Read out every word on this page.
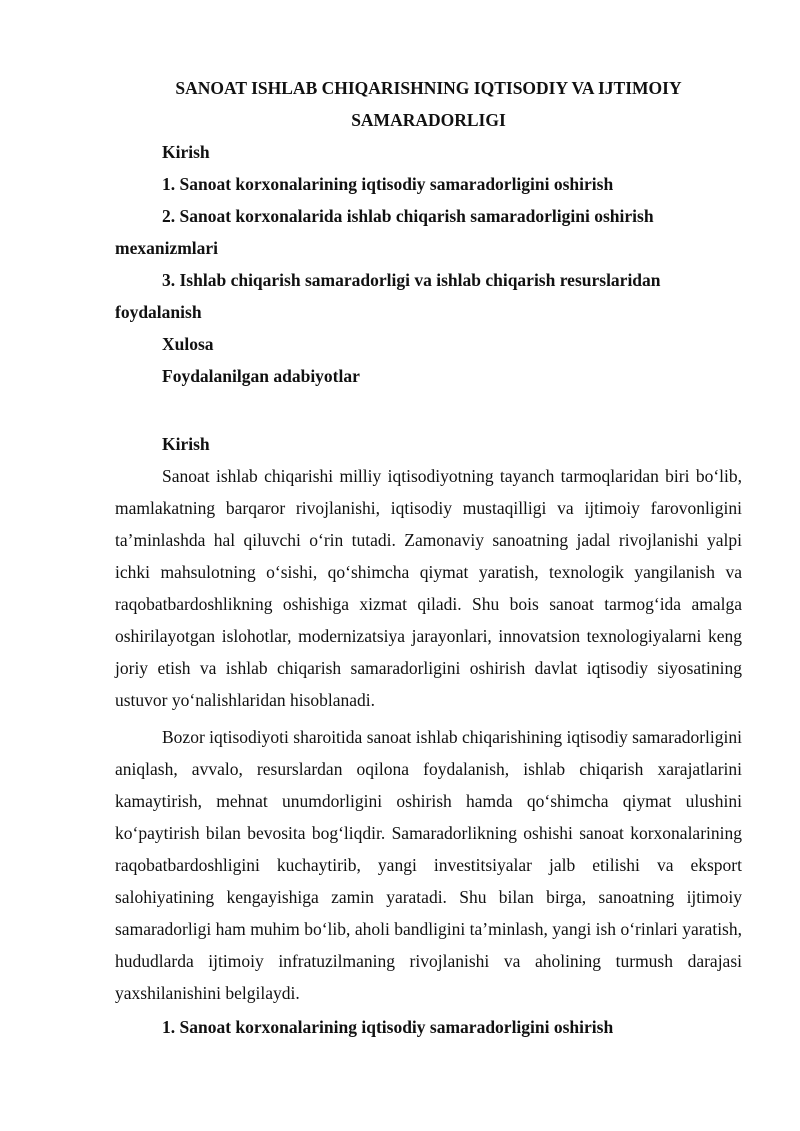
SANOAT ISHLAB CHIQARISHNING IQTISODIY VA IJTIMOIY SAMARADORLIGI
Kirish
1. Sanoat korxonalarining iqtisodiy samaradorligini oshirish
2. Sanoat korxonalarida ishlab chiqarish samaradorligini oshirish mexanizmlari
3. Ishlab chiqarish samaradorligi va ishlab chiqarish resurslaridan foydalanish
Xulosa
Foydalanilgan adabiyotlar

Kirish

Sanoat ishlab chiqarishi milliy iqtisodiyotning tayanch tarmoqlaridan biri bo‘lib, mamlakatning barqaror rivojlanishi, iqtisodiy mustaqilligi va ijtimoiy farovonligini ta’minlashda hal qiluvchi o‘rin tutadi. Zamonaviy sanoatning jadal rivojlanishi yalpi ichki mahsulotning o‘sishi, qo‘shimcha qiymat yaratish, texnologik yangilanish va raqobatbardoshlikning oshishiga xizmat qiladi. Shu bois sanoat tarmog‘ida amalga oshirilayotgan islohotlar, modernizatsiya jarayonlari, innovatsion texnologiyalarni keng joriy etish va ishlab chiqarish samaradorligini oshirish davlat iqtisodiy siyosatining ustuvor yo‘nalishlaridan hisoblanadi.

Bozor iqtisodiyoti sharoitida sanoat ishlab chiqarishining iqtisodiy samaradorligini aniqlash, avvalo, resurslardan oqilona foydalanish, ishlab chiqarish xarajatlarini kamaytirish, mehnat unumdorligini oshirish hamda qo‘shimcha qiymat ulushini ko‘paytirish bilan bevosita bog‘liqdir. Samaradorlikning oshishi sanoat korxonalarining raqobatbardoshligini kuchaytirib, yangi investitsiyalar jalb etilishi va eksport salohiyatining kengayishiga zamin yaratadi. Shu bilan birga, sanoatning ijtimoiy samaradorligi ham muhim bo‘lib, aholi bandligini ta’minlash, yangi ish o‘rinlari yaratish, hududlarda ijtimoiy infratuzilmaning rivojlanishi va aholining turmush darajasi yaxshilanishini belgilaydi.

1. Sanoat korxonalarining iqtisodiy samaradorligini oshirish
